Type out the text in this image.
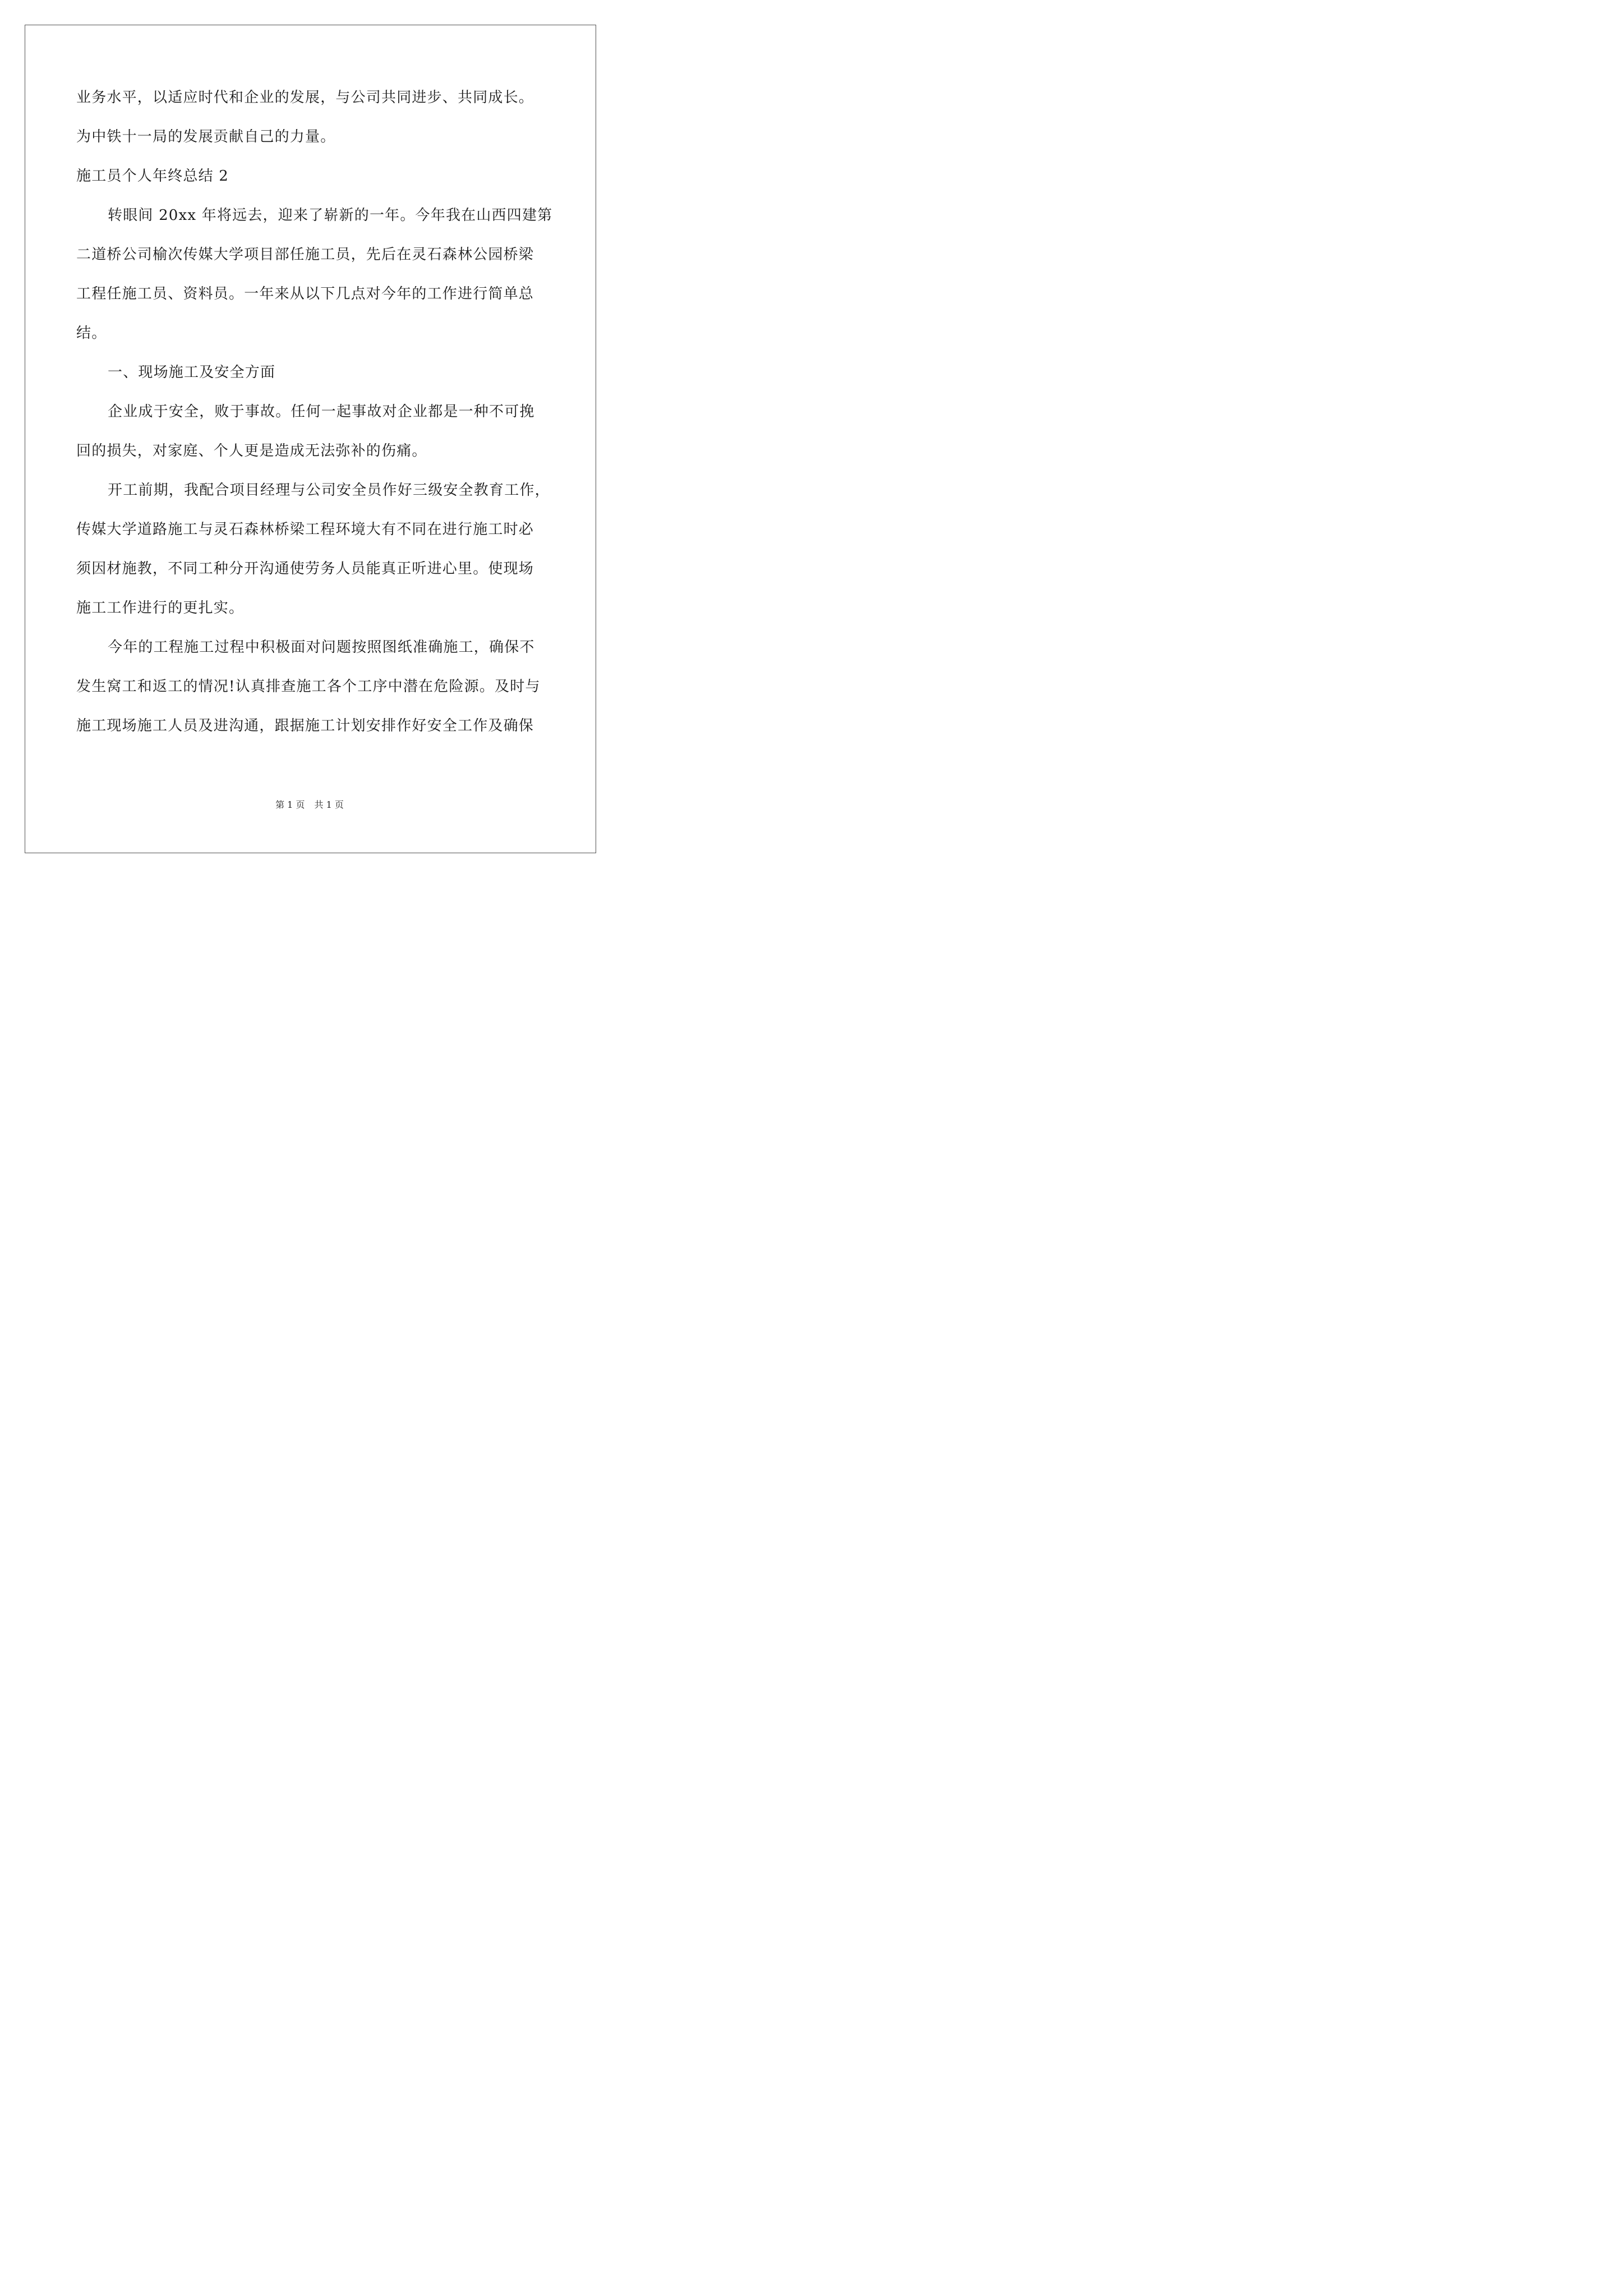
业务水平，以适应时代和企业的发展，与公司共同进步、共同成长。
为中铁十一局的发展贡献自己的力量。
施工员个人年终总结 2
转眼间 20xx 年将远去，迎来了崭新的一年。今年我在山西四建第
二道桥公司榆次传媒大学项目部任施工员，先后在灵石森林公园桥梁
工程任施工员、资料员。一年来从以下几点对今年的工作进行简单总
结。
一、现场施工及安全方面
企业成于安全，败于事故。任何一起事故对企业都是一种不可挽
回的损失，对家庭、个人更是造成无法弥补的伤痛。
开工前期，我配合项目经理与公司安全员作好三级安全教育工作，
传媒大学道路施工与灵石森林桥梁工程环境大有不同在进行施工时必
须因材施教，不同工种分开沟通使劳务人员能真正听进心里。使现场
施工工作进行的更扎实。
今年的工程施工过程中积极面对问题按照图纸准确施工，确保不
发生窝工和返工的情况!认真排查施工各个工序中潜在危险源。及时与
施工现场施工人员及进沟通，跟据施工计划安排作好安全工作及确保
第 1 页 共 1 页
